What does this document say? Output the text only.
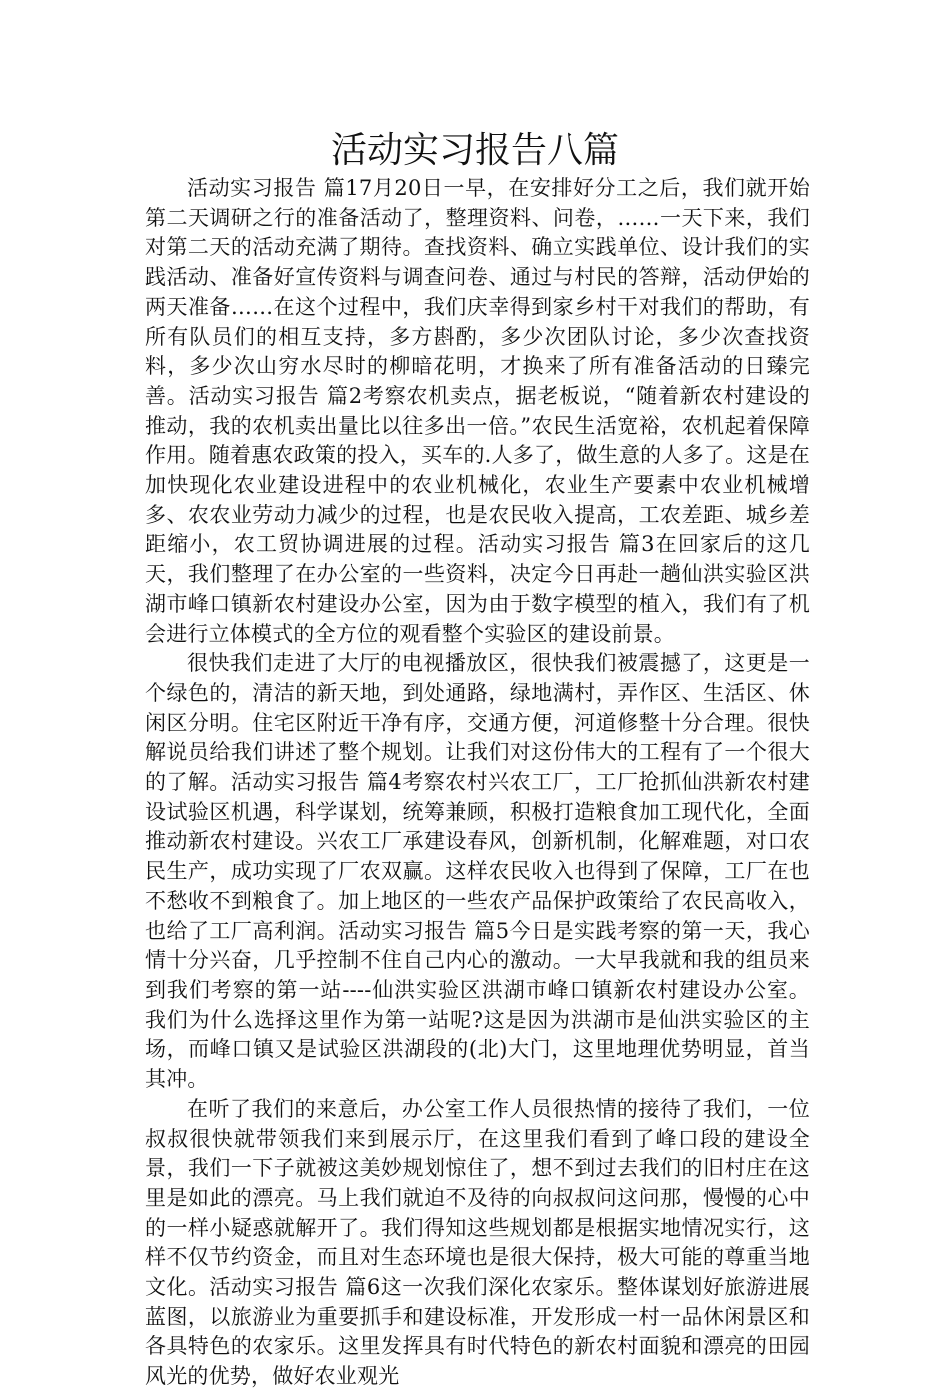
活动实习报告八篇

活动实习报告 篇17月20日一早，在安排好分工之后，我们就开始第二天调研之行的准备活动了，整理资料、问卷，……一天下来，我们对第二天的活动充满了期待。查找资料、确立实践单位、设计我们的实践活动、准备好宣传资料与调查问卷、通过与村民的答辩，活动伊始的两天准备……在这个过程中，我们庆幸得到家乡村干对我们的帮助，有所有队员们的相互支持，多方斟酌，多少次团队讨论，多少次查找资料，多少次山穷水尽时的柳暗花明，才换来了所有准备活动的日臻完善。活动实习报告 篇2考察农机卖点，据老板说，“随着新农村建设的推动，我的农机卖出量比以往多出一倍。”农民生活宽裕，农机起着保障作用。随着惠农政策的投入，买车的.人多了，做生意的人多了。这是在加快现化农业建设进程中的农业机械化，农业生产要素中农业机械增多、农农业劳动力减少的过程，也是农民收入提高，工农差距、城乡差距缩小，农工贸协调进展的过程。活动实习报告 篇3在回家后的这几天，我们整理了在办公室的一些资料，决定今日再赴一趟仙洪实验区洪湖市峰口镇新农村建设办公室，因为由于数字模型的植入，我们有了机会进行立体模式的全方位的观看整个实验区的建设前景。

很快我们走进了大厅的电视播放区，很快我们被震撼了，这更是一个绿色的，清洁的新天地，到处通路，绿地满村，弄作区、生活区、休闲区分明。住宅区附近干净有序，交通方便，河道修整十分合理。很快解说员给我们讲述了整个规划。让我们对这份伟大的工程有了一个很大的了解。活动实习报告 篇4考察农村兴农工厂，工厂抢抓仙洪新农村建设试验区机遇，科学谋划，统筹兼顾，积极打造粮食加工现代化，全面推动新农村建设。兴农工厂承建设春风，创新机制，化解难题，对口农民生产，成功实现了厂农双赢。这样农民收入也得到了保障，工厂在也不愁收不到粮食了。加上地区的一些农产品保护政策给了农民高收入，也给了工厂高利润。活动实习报告 篇5今日是实践考察的第一天，我心情十分兴奋，几乎控制不住自己内心的激动。一大早我就和我的组员来到我们考察的第一站----仙洪实验区洪湖市峰口镇新农村建设办公室。我们为什么选择这里作为第一站呢?这是因为洪湖市是仙洪实验区的主场，而峰口镇又是试验区洪湖段的(北)大门，这里地理优势明显，首当其冲。

在听了我们的来意后，办公室工作人员很热情的接待了我们，一位叔叔很快就带领我们来到展示厅，在这里我们看到了峰口段的建设全景，我们一下子就被这美妙规划惊住了，想不到过去我们的旧村庄在这里是如此的漂亮。马上我们就迫不及待的向叔叔问这问那，慢慢的心中的一样小疑惑就解开了。我们得知这些规划都是根据实地情况实行，这样不仅节约资金，而且对生态环境也是很大保持，极大可能的尊重当地文化。活动实习报告 篇6这一次我们深化农家乐。整体谋划好旅游进展蓝图，以旅游业为重要抓手和建设标准，开发形成一村一品休闲景区和各具特色的农家乐。这里发挥具有时代特色的新农村面貌和漂亮的田园风光的优势，做好农业观光
